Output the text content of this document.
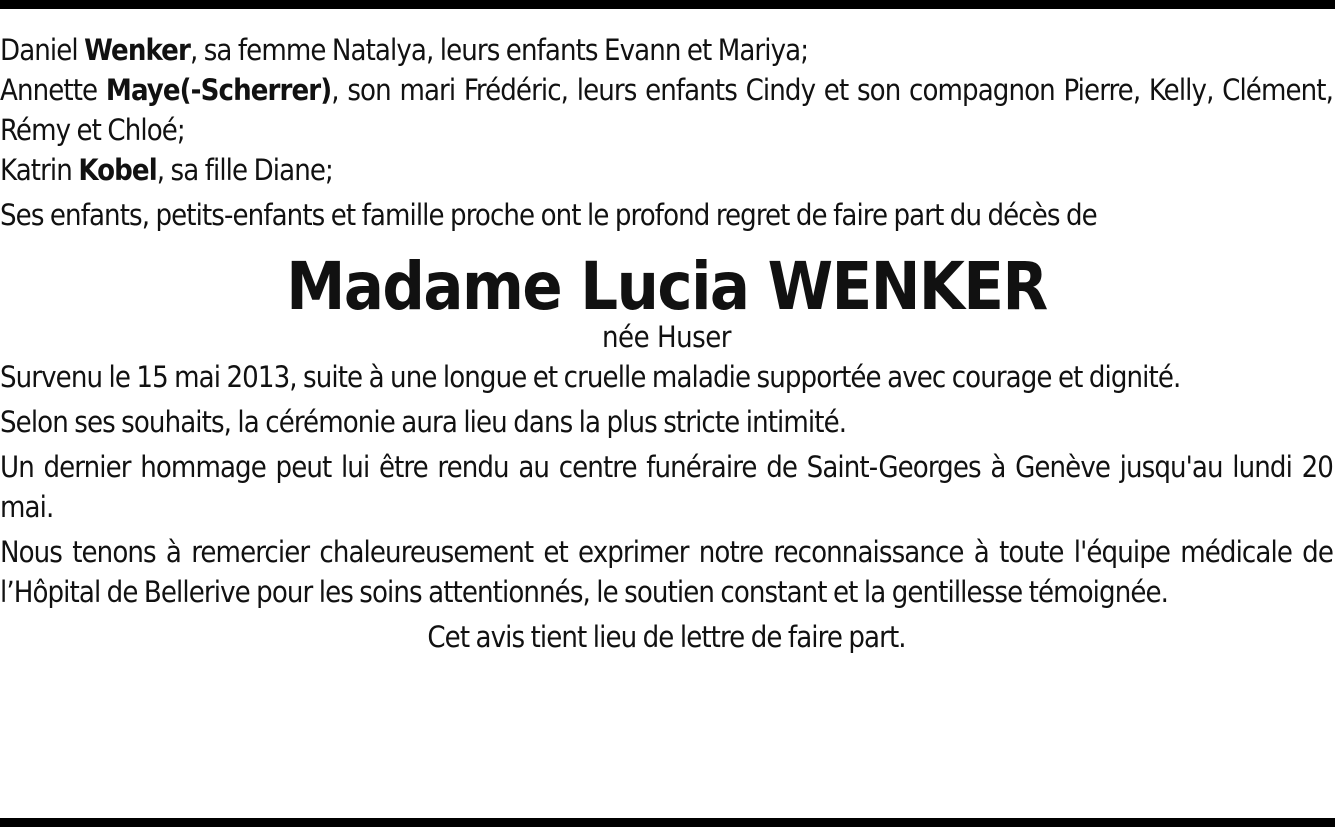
Daniel Wenker, sa femme Natalya, leurs enfants Evann et Mariya;

Annette Maye(-Scherrer), son mari Frédéric, leurs enfants Cindy et son compagnon Pierre, Kelly, Clément, Rémy et Chloé;

Katrin Kobel, sa fille Diane;

Ses enfants, petits-enfants et famille proche ont le profond regret de faire part du décès de

Madame Lucia WENKER

née Huser

Survenu le 15 mai 2013, suite à une longue et cruelle maladie supportée avec courage et dignité.

Selon ses souhaits, la cérémonie aura lieu dans la plus stricte intimité.

Un dernier hommage peut lui être rendu au centre funéraire de Saint-Georges à Genève jusqu'au lundi 20 mai.

Nous tenons à remercier chaleureusement et exprimer notre reconnaissance à toute l'équipe médicale de l’Hôpital de Bellerive pour les soins attentionnés, le soutien constant et la gentillesse témoignée.

Cet avis tient lieu de lettre de faire part.
